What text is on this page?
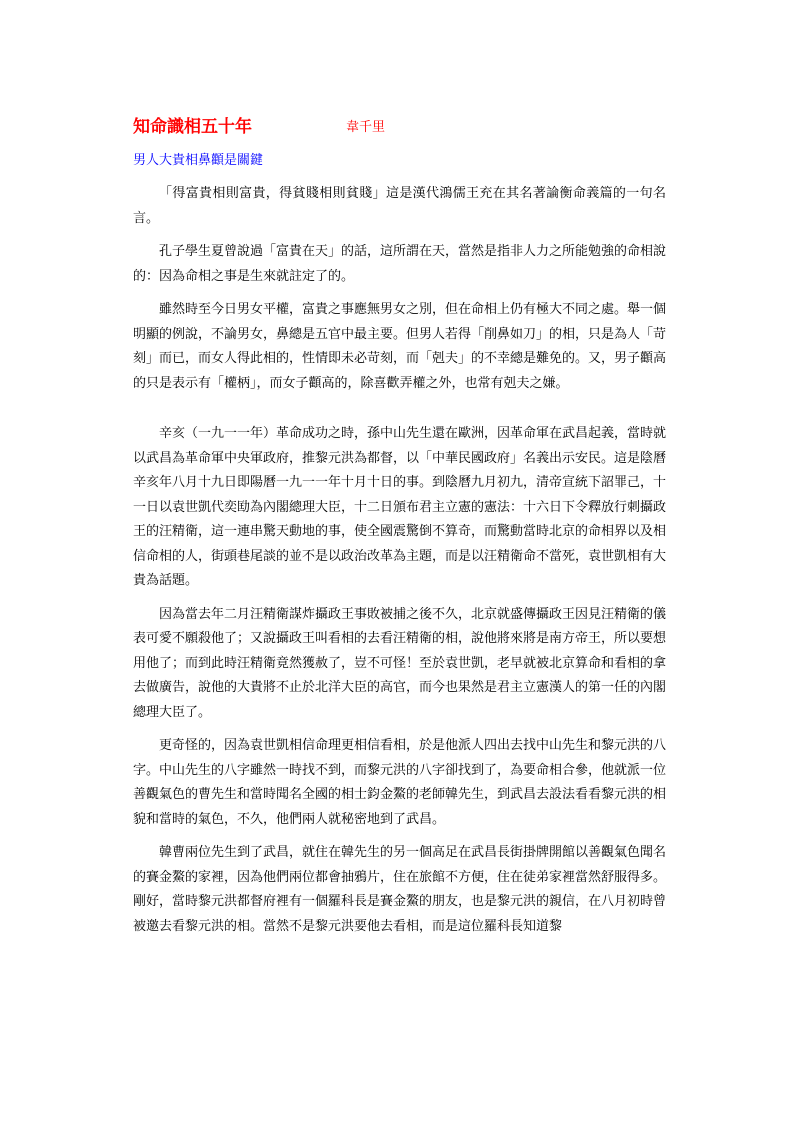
知命識相五十年	韋千里
男人大貴相鼻顴是關鍵

「得富貴相則富貴，得貧賤相則貧賤」這是漢代鴻儒王充在其名著論衡命義篇的一句名言。

孔子學生夏曾說過「富貴在天」的話，這所謂在天，當然是指非人力之所能勉強的命相說的：因為命相之事是生來就註定了的。

雖然時至今日男女平權，富貴之事應無男女之別，但在命相上仍有極大不同之處。舉一個明顯的例說，不論男女，鼻總是五官中最主要。但男人若得「削鼻如刀」的相，只是為人「苛刻」而已，而女人得此相的，性情即未必苛刻，而「剋夫」的不幸總是難免的。又，男子顴高的只是表示有「權柄」，而女子顴高的，除喜歡弄權之外，也常有剋夫之嫌。

辛亥（一九一一年）革命成功之時，孫中山先生還在歐洲，因革命軍在武昌起義，當時就以武昌為革命軍中央軍政府，推黎元洪為都督，以「中華民國政府」名義出示安民。這是陰曆辛亥年八月十九日即陽曆一九一一年十月十日的事。到陰曆九月初九，清帝宣統下詔罪己，十一日以袁世凱代奕劻為內閣總理大臣，十二日頒布君主立憲的憲法：十六日下令釋放行刺攝政王的汪精衛，這一連串驚天動地的事，使全國震驚倒不算奇，而驚動當時北京的命相界以及相信命相的人，街頭巷尾談的並不是以政治改革為主題，而是以汪精衛命不當死，袁世凱相有大貴為話題。

因為當去年二月汪精衛謀炸攝政王事敗被捕之後不久，北京就盛傳攝政王因見汪精衛的儀表可愛不願殺他了；又說攝政王叫看相的去看汪精衛的相，說他將來將是南方帝王，所以要想用他了；而到此時汪精衛竟然獲赦了，豈不可怪！至於袁世凱，老早就被北京算命和看相的拿去做廣告，說他的大貴將不止於北洋大臣的高官，而今也果然是君主立憲漢人的第一任的內閣總理大臣了。

更奇怪的，因為袁世凱相信命理更相信看相，於是他派人四出去找中山先生和黎元洪的八字。中山先生的八字雖然一時找不到，而黎元洪的八字卻找到了，為要命相合參，他就派一位善觀氣色的曹先生和當時聞名全國的相士鈞金鰲的老師韓先生，到武昌去設法看看黎元洪的相貌和當時的氣色，不久，他們兩人就秘密地到了武昌。

韓曹兩位先生到了武昌，就住在韓先生的另一個高足在武昌長街掛牌開館以善觀氣色聞名的賽金鰲的家裡，因為他們兩位都會抽鴉片，住在旅館不方便，住在徒弟家裡當然舒服得多。剛好，當時黎元洪都督府裡有一個羅科長是賽金鰲的朋友，也是黎元洪的親信，在八月初時曾被邀去看黎元洪的相。當然不是黎元洪要他去看相，而是這位羅科長知道黎
